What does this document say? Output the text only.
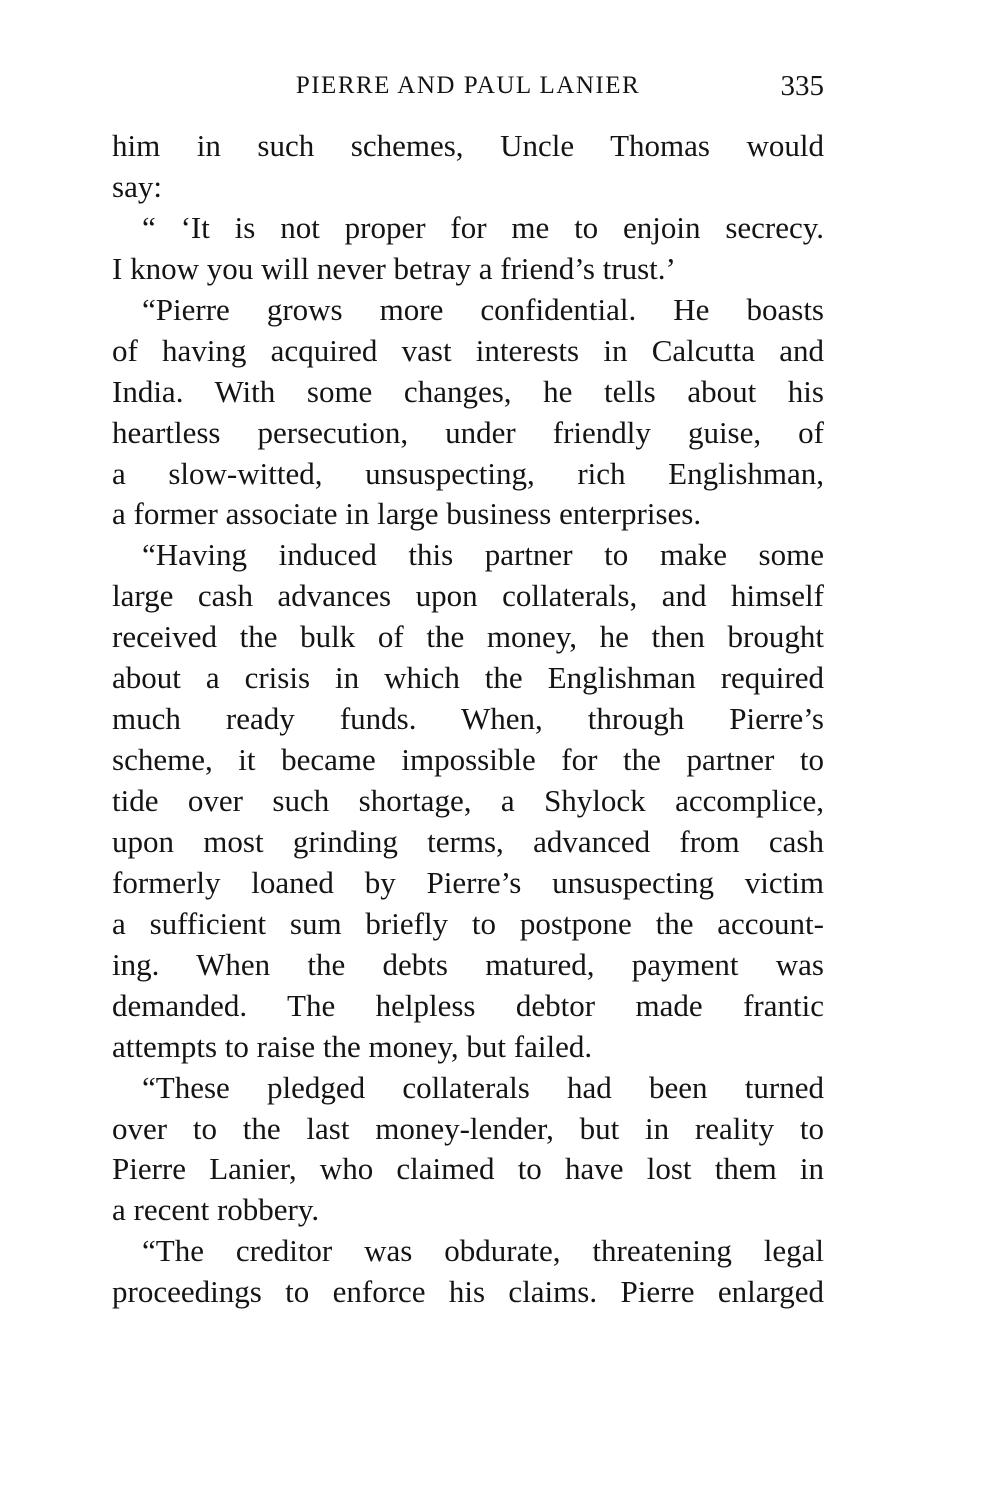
PIERRE AND PAUL LANIER	335
him in such schemes, Uncle Thomas would
say:
“ ‘It is not proper for me to enjoin secrecy.
I know you will never betray a friend’s trust.’
“Pierre grows more confidential. He boasts
of having acquired vast interests in Calcutta and
India. With some changes, he tells about his
heartless persecution, under friendly guise, of
a slow-witted, unsuspecting, rich Englishman,
a former associate in large business enterprises.
“Having induced this partner to make some
large cash advances upon collaterals, and himself
received the bulk of the money, he then brought
about a crisis in which the Englishman required
much ready funds. When, through Pierre’s
scheme, it became impossible for the partner to
tide over such shortage, a Shylock accomplice,
upon most grinding terms, advanced from cash
formerly loaned by Pierre’s unsuspecting victim
a sufficient sum briefly to postpone the account-
ing. When the debts matured, payment was
demanded. The helpless debtor made frantic
attempts to raise the money, but failed.
“These pledged collaterals had been turned
over to the last money-lender, but in reality to
Pierre Lanier, who claimed to have lost them in
a recent robbery.
“The creditor was obdurate, threatening legal
proceedings to enforce his claims. Pierre enlarged
